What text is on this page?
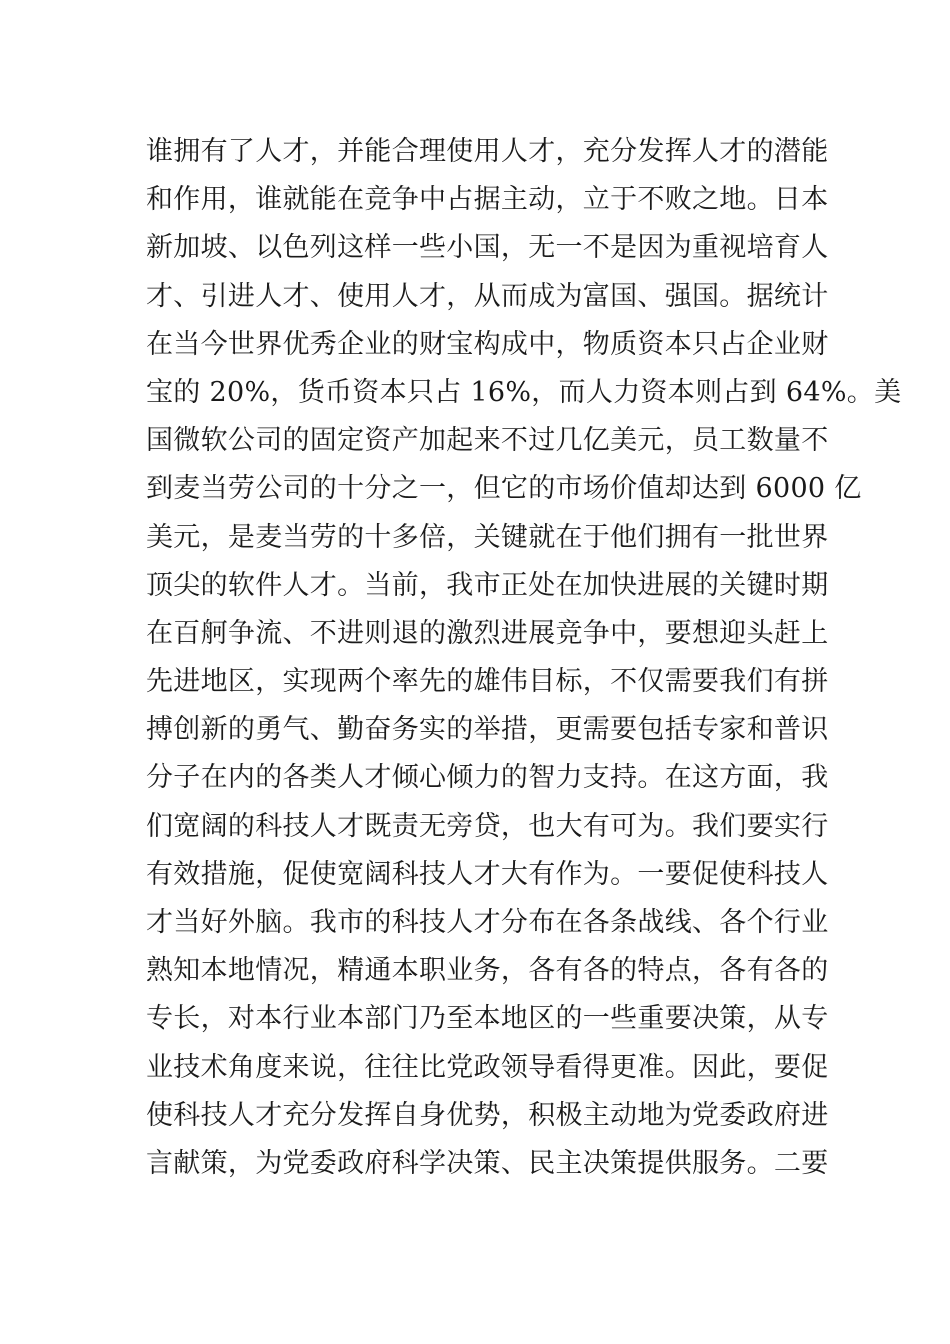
谁拥有了人才，并能合理使用人才，充分发挥人才的潜能
和作用，谁就能在竞争中占据主动，立于不败之地。日本
新加坡、以色列这样一些小国，无一不是因为重视培育人
才、引进人才、使用人才，从而成为富国、强国。据统计
在当今世界优秀企业的财宝构成中，物质资本只占企业财
宝的 20%，货币资本只占 16%，而人力资本则占到 64%。美
国微软公司的固定资产加起来不过几亿美元，员工数量不
到麦当劳公司的十分之一，但它的市场价值却达到 6000 亿
美元，是麦当劳的十多倍，关键就在于他们拥有一批世界
顶尖的软件人才。当前，我市正处在加快进展的关键时期
在百舸争流、不进则退的激烈进展竞争中，要想迎头赶上
先进地区，实现两个率先的雄伟目标，不仅需要我们有拼
搏创新的勇气、勤奋务实的举措，更需要包括专家和普识
分子在内的各类人才倾心倾力的智力支持。在这方面，我
们宽阔的科技人才既责无旁贷，也大有可为。我们要实行
有效措施，促使宽阔科技人才大有作为。一要促使科技人
才当好外脑。我市的科技人才分布在各条战线、各个行业
熟知本地情况，精通本职业务，各有各的特点，各有各的
专长，对本行业本部门乃至本地区的一些重要决策，从专
业技术角度来说，往往比党政领导看得更准。因此，要促
使科技人才充分发挥自身优势，积极主动地为党委政府进
言献策，为党委政府科学决策、民主决策提供服务。二要
